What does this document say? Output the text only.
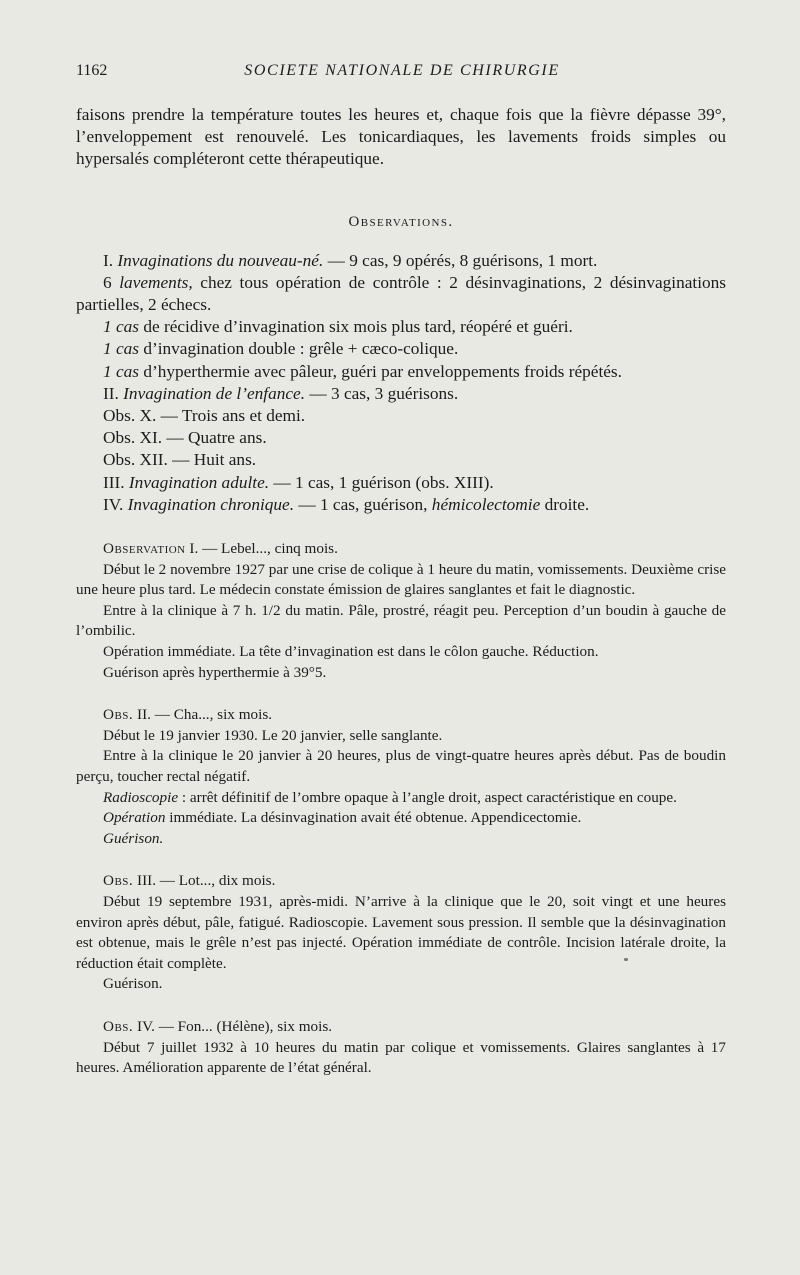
1162	SOCIETE NATIONALE DE CHIRURGIE

faisons prendre la température toutes les heures et, chaque fois que la fièvre dépasse 39°, l’enveloppement est renouvelé. Les tonicardiaques, les lavements froids simples ou hypersalés compléteront cette thérapeutique.

Observations.

I. Invaginations du nouveau-né. — 9 cas, 9 opérés, 8 guérisons, 1 mort.

6 lavements, chez tous opération de contrôle : 2 désinvaginations, 2 désinvaginations partielles, 2 échecs.

1 cas de récidive d’invagination six mois plus tard, réopéré et guéri.

1 cas d’invagination double : grêle + cæco-colique.

1 cas d’hyperthermie avec pâleur, guéri par enveloppements froids répétés.

II. Invagination de l’enfance. — 3 cas, 3 guérisons.

Obs. X. — Trois ans et demi.

Obs. XI. — Quatre ans.

Obs. XII. — Huit ans.

III. Invagination adulte. — 1 cas, 1 guérison (obs. XIII).

IV. Invagination chronique. — 1 cas, guérison, hémicolectomie droite.

Observation I. — Lebel..., cinq mois.

Début le 2 novembre 1927 par une crise de colique à 1 heure du matin, vomissements. Deuxième crise une heure plus tard. Le médecin constate émission de glaires sanglantes et fait le diagnostic.

Entre à la clinique à 7 h. 1/2 du matin. Pâle, prostré, réagit peu. Perception d’un boudin à gauche de l’ombilic.

Opération immédiate. La tête d’invagination est dans le côlon gauche. Réduction.

Guérison après hyperthermie à 39°5.

Obs. II. — Cha..., six mois.

Début le 19 janvier 1930. Le 20 janvier, selle sanglante.

Entre à la clinique le 20 janvier à 20 heures, plus de vingt-quatre heures après début. Pas de boudin perçu, toucher rectal négatif.

Radioscopie : arrêt définitif de l’ombre opaque à l’angle droit, aspect caractéristique en coupe.

Opération immédiate. La désinvagination avait été obtenue. Appendicectomie.

Guérison.

Obs. III. — Lot..., dix mois.

Début 19 septembre 1931, après-midi. N’arrive à la clinique que le 20, soit vingt et une heures environ après début, pâle, fatigué. Radioscopie. Lavement sous pression. Il semble que la désinvagination est obtenue, mais le grêle n’est pas injecté. Opération immédiate de contrôle. Incision latérale droite, la réduction était complète.

Guérison.

Obs. IV. — Fon... (Hélène), six mois.

Début 7 juillet 1932 à 10 heures du matin par colique et vomissements. Glaires sanglantes à 17 heures. Amélioration apparente de l’état général.
